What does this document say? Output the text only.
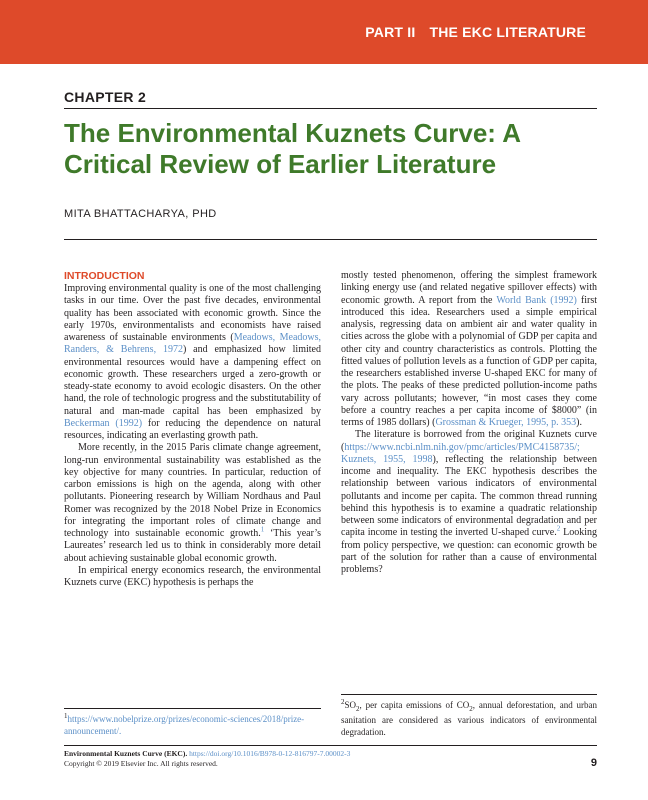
PART II THE EKC LITERATURE
CHAPTER 2
The Environmental Kuznets Curve: A Critical Review of Earlier Literature
MITA BHATTACHARYA, PHD
INTRODUCTION

Improving environmental quality is one of the most challenging tasks in our time. Over the past five decades, environmental quality has been associated with economic growth. Since the early 1970s, environmentalists and economists have raised awareness of sustainable environments (Meadows, Meadows, Randers, & Behrens, 1972) and emphasized how limited environmental resources would have a dampening effect on economic growth. These researchers urged a zero-growth or steady-state economy to avoid ecologic disasters. On the other hand, the role of technologic progress and the substitutability of natural and man-made capital has been emphasized by Beckerman (1992) for reducing the dependence on natural resources, indicating an everlasting growth path.

More recently, in the 2015 Paris climate change agreement, long-run environmental sustainability was established as the key objective for many countries. In particular, reduction of carbon emissions is high on the agenda, along with other pollutants. Pioneering research by William Nordhaus and Paul Romer was recognized by the 2018 Nobel Prize in Economics for integrating the important roles of climate change and technology into sustainable economic growth.$^1$ ‘This year’s Laureates’ research led us to think in considerably more detail about achieving sustainable global economic growth.

In empirical energy economics research, the environmental Kuznets curve (EKC) hypothesis is perhaps the

mostly tested phenomenon, offering the simplest framework linking energy use (and related negative spillover effects) with economic growth. A report from the World Bank (1992) first introduced this idea. Researchers used a simple empirical analysis, regressing data on ambient air and water quality in cities across the globe with a polynomial of GDP per capita and other city and country characteristics as controls. Plotting the fitted values of pollution levels as a function of GDP per capita, the researchers established inverse U-shaped EKC for many of the plots. The peaks of these predicted pollution-income paths vary across pollutants; however, “in most cases they come before a country reaches a per capita income of $8000” (in terms of 1985 dollars) (Grossman & Krueger, 1995, p. 353).

The literature is borrowed from the original Kuznets curve (https://www.ncbi.nlm.nih.gov/pmc/articles/PMC4158735/; Kuznets, 1955, 1998), reflecting the relationship between income and inequality. The EKC hypothesis describes the relationship between various indicators of environmental pollutants and income per capita. The common thread running behind this hypothesis is to examine a quadratic relationship between some indicators of environmental degradation and per capita income in testing the inverted U-shaped curve.$^2$ Looking from policy perspective, we question: can economic growth be part of the solution for rather than a cause of environmental problems?

$^2SO_2$, per capita emissions of $CO_2$, annual deforestation, and urban sanitation are considered as various indicators of environmental degradation.
$^1$https://www.nobelprize.org/prizes/economic-sciences/2018/prize-announcement/.
Environmental Kuznets Curve (EKC). https://doi.org/10.1016/B978-0-12-816797-7.00002-3
Copyright © 2019 Elsevier Inc. All rights reserved.	9
